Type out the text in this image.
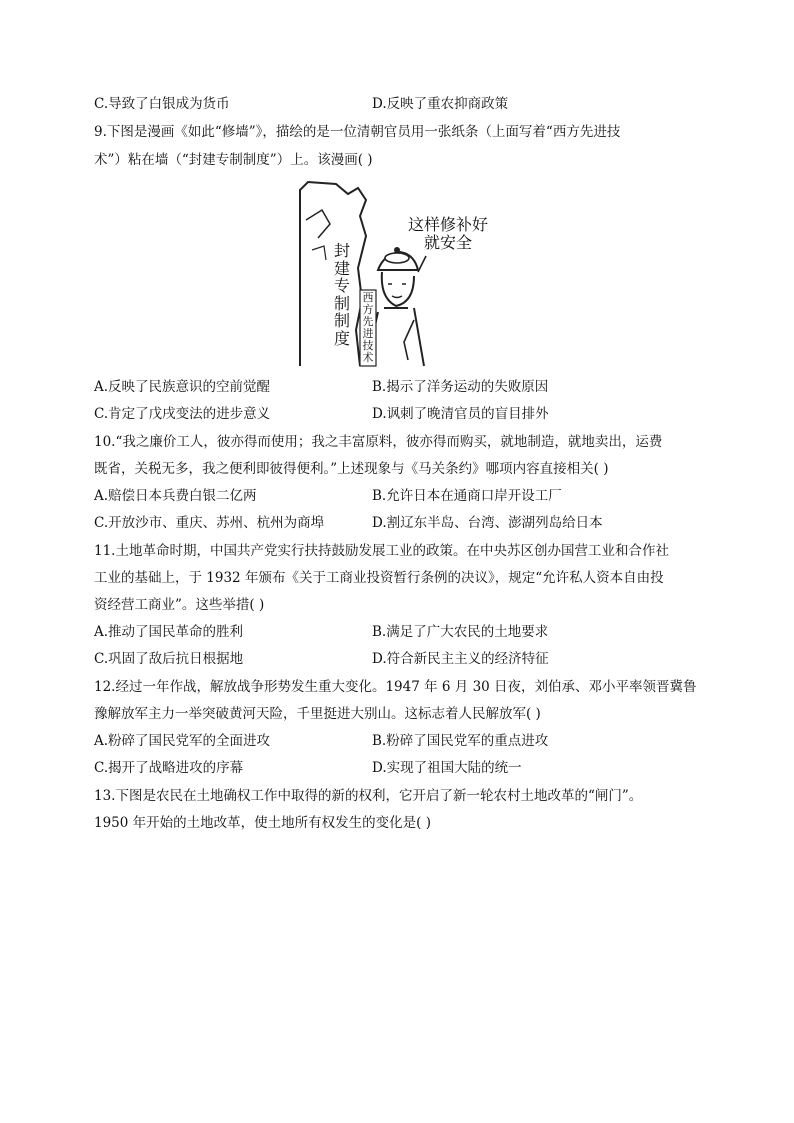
C.导致了白银成为货币	D.反映了重农抑商政策
9.下图是漫画《如此“修墙”》，描绘的是一位清朝官员用一张纸条（上面写着“西方先进技
术”）粘在墙（“封建专制制度”）上。该漫画( )
这样修补好
就安全
封
建
专
制
制
度
西
方
先
进
技
术
A.反映了民族意识的空前觉醒	B.揭示了洋务运动的失败原因
C.肯定了戊戌变法的进步意义	D.讽刺了晚清官员的盲目排外
10.“我之廉价工人，彼亦得而使用；我之丰富原料，彼亦得而购买，就地制造，就地卖出，运费
既省，关税无多，我之便利即彼得便利。”上述现象与《马关条约》哪项内容直接相关( )
A.赔偿日本兵费白银二亿两	B.允许日本在通商口岸开设工厂
C.开放沙市、重庆、苏州、杭州为商埠	D.割辽东半岛、台湾、澎湖列岛给日本
11.土地革命时期，中国共产党实行扶持鼓励发展工业的政策。在中央苏区创办国营工业和合作社
工业的基础上，于 1932 年颁布《关于工商业投资暂行条例的决议》，规定“允许私人资本自由投
资经营工商业”。这些举措( )
A.推动了国民革命的胜利	B.满足了广大农民的土地要求
C.巩固了敌后抗日根据地	D.符合新民主主义的经济特征
12.经过一年作战，解放战争形势发生重大变化。1947 年 6 月 30 日夜，刘伯承、邓小平率领晋冀鲁
豫解放军主力一举突破黄河天险，千里挺进大别山。这标志着人民解放军( )
A.粉碎了国民党军的全面进攻	B.粉碎了国民党军的重点进攻
C.揭开了战略进攻的序幕	D.实现了祖国大陆的统一
13.下图是农民在土地确权工作中取得的新的权利，它开启了新一轮农村土地改革的“闸门”。
1950 年开始的土地改革，使土地所有权发生的变化是( )
